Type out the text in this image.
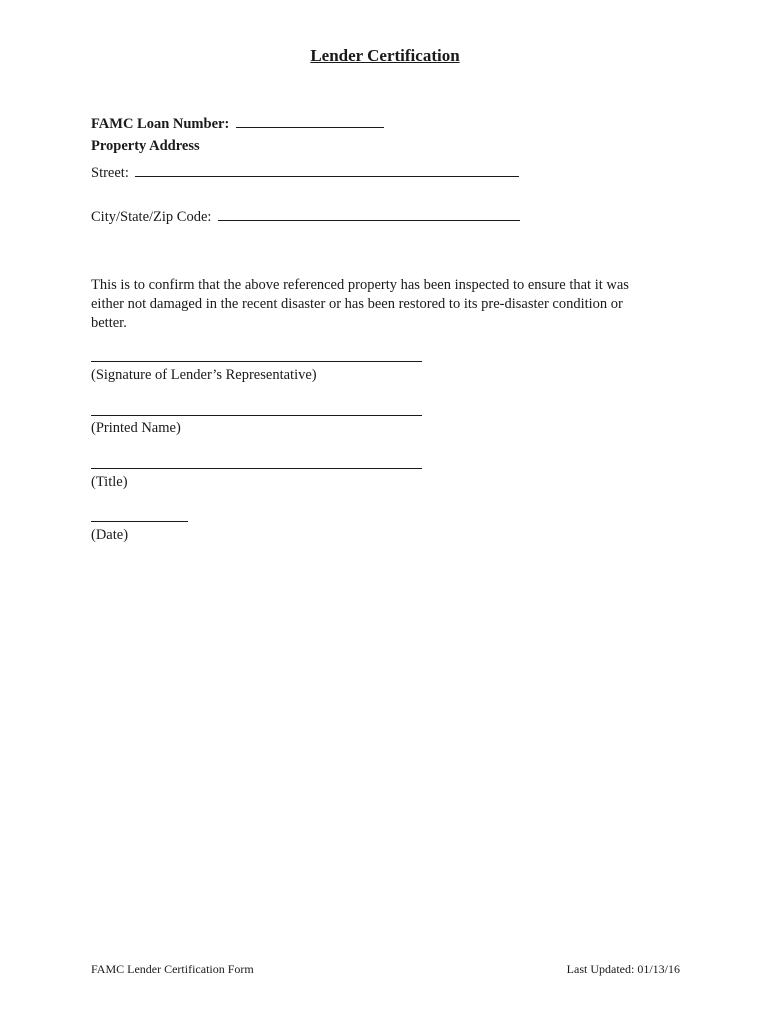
Lender Certification
FAMC Loan Number:
Property Address
Street:
City/State/Zip Code:
This is to confirm that the above referenced property has been inspected to ensure that it was either not damaged in the recent disaster or has been restored to its pre-disaster condition or better.
(Signature of Lender’s Representative)
(Printed Name)
(Title)
(Date)
FAMC Lender Certification Form	Last Updated: 01/13/16
